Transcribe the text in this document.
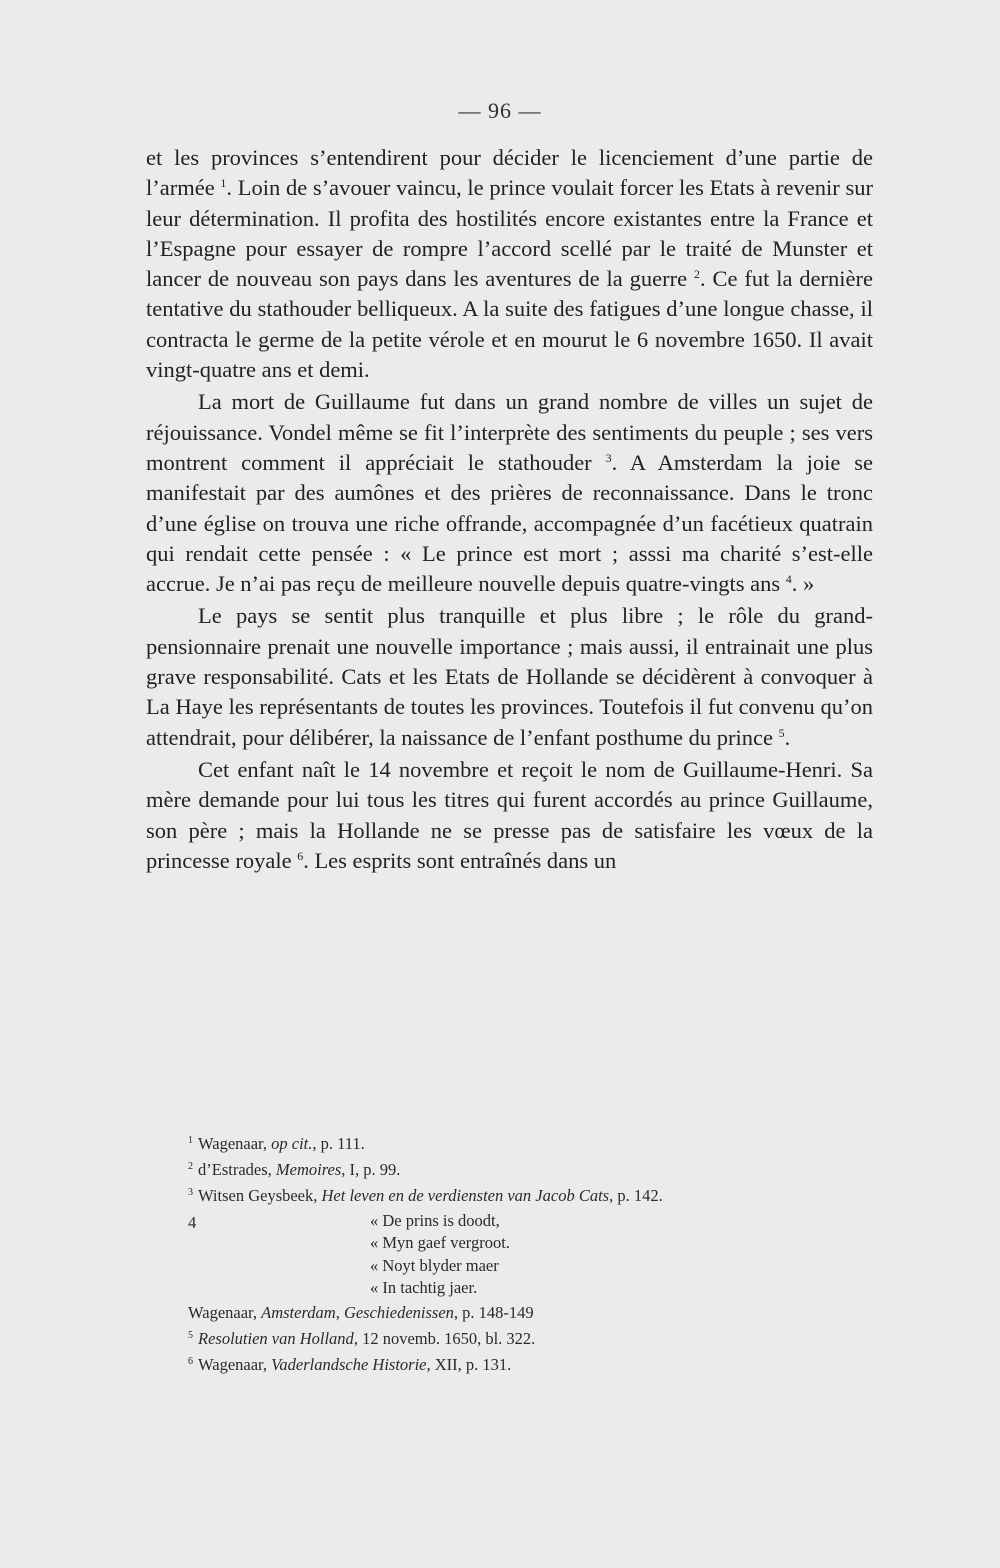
— 96 —

et les provinces s’entendirent pour décider le licenciement d’une partie de l’armée $^1$. Loin de s’avouer vaincu, le prince voulait forcer les Etats à revenir sur leur détermination. Il profita des hostilités encore existantes entre la France et l’Espagne pour essayer de rompre l’accord scellé par le traité de Munster et lancer de nouveau son pays dans les aventures de la guerre $^2$. Ce fut la dernière tentative du stathouder belliqueux. A la suite des fatigues d’une longue chasse, il contracta le germe de la petite vérole et en mourut le 6 novembre 1650. Il avait vingt-quatre ans et demi.

La mort de Guillaume fut dans un grand nombre de villes un sujet de réjouissance. Vondel même se fit l’interprète des sentiments du peuple ; ses vers montrent comment il appréciait le stathouder $^3$. A Amsterdam la joie se manifestait par des aumônes et des prières de reconnaissance. Dans le tronc d’une église on trouva une riche offrande, accompagnée d’un facétieux quatrain qui rendait cette pensée : « Le prince est mort ; asssi ma charité s’est-elle accrue. Je n’ai pas reçu de meilleure nouvelle depuis quatre-vingts ans $^4$. »

Le pays se sentit plus tranquille et plus libre ; le rôle du grand-pensionnaire prenait une nouvelle importance ; mais aussi, il entrainait une plus grave responsabilité. Cats et les Etats de Hollande se décidèrent à convoquer à La Haye les représentants de toutes les provinces. Toutefois il fut convenu qu’on attendrait, pour délibérer, la naissance de l’enfant posthume du prince $^5$.

Cet enfant naît le 14 novembre et reçoit le nom de Guillaume-Henri. Sa mère demande pour lui tous les titres qui furent accordés au prince Guillaume, son père ; mais la Hollande ne se presse pas de satisfaire les vœux de la princesse royale $^6$. Les esprits sont entraînés dans un

$^1$ Wagenaar, op cit., p. 111.
$^2$ d’Estrades, Memoires, I, p. 99.
$^3$ Witsen Geysbeek, Het leven en de verdiensten van Jacob Cats, p. 142.
4	« De prins is doodt,
« Myn gaef vergroot.
« Noyt blyder maer
« In tachtig jaer.
Wagenaar, Amsterdam, Geschiedenissen, p. 148-149
$^5$ Resolutien van Holland, 12 novemb. 1650, bl. 322.
$^6$ Wagenaar, Vaderlandsche Historie, XII, p. 131.
